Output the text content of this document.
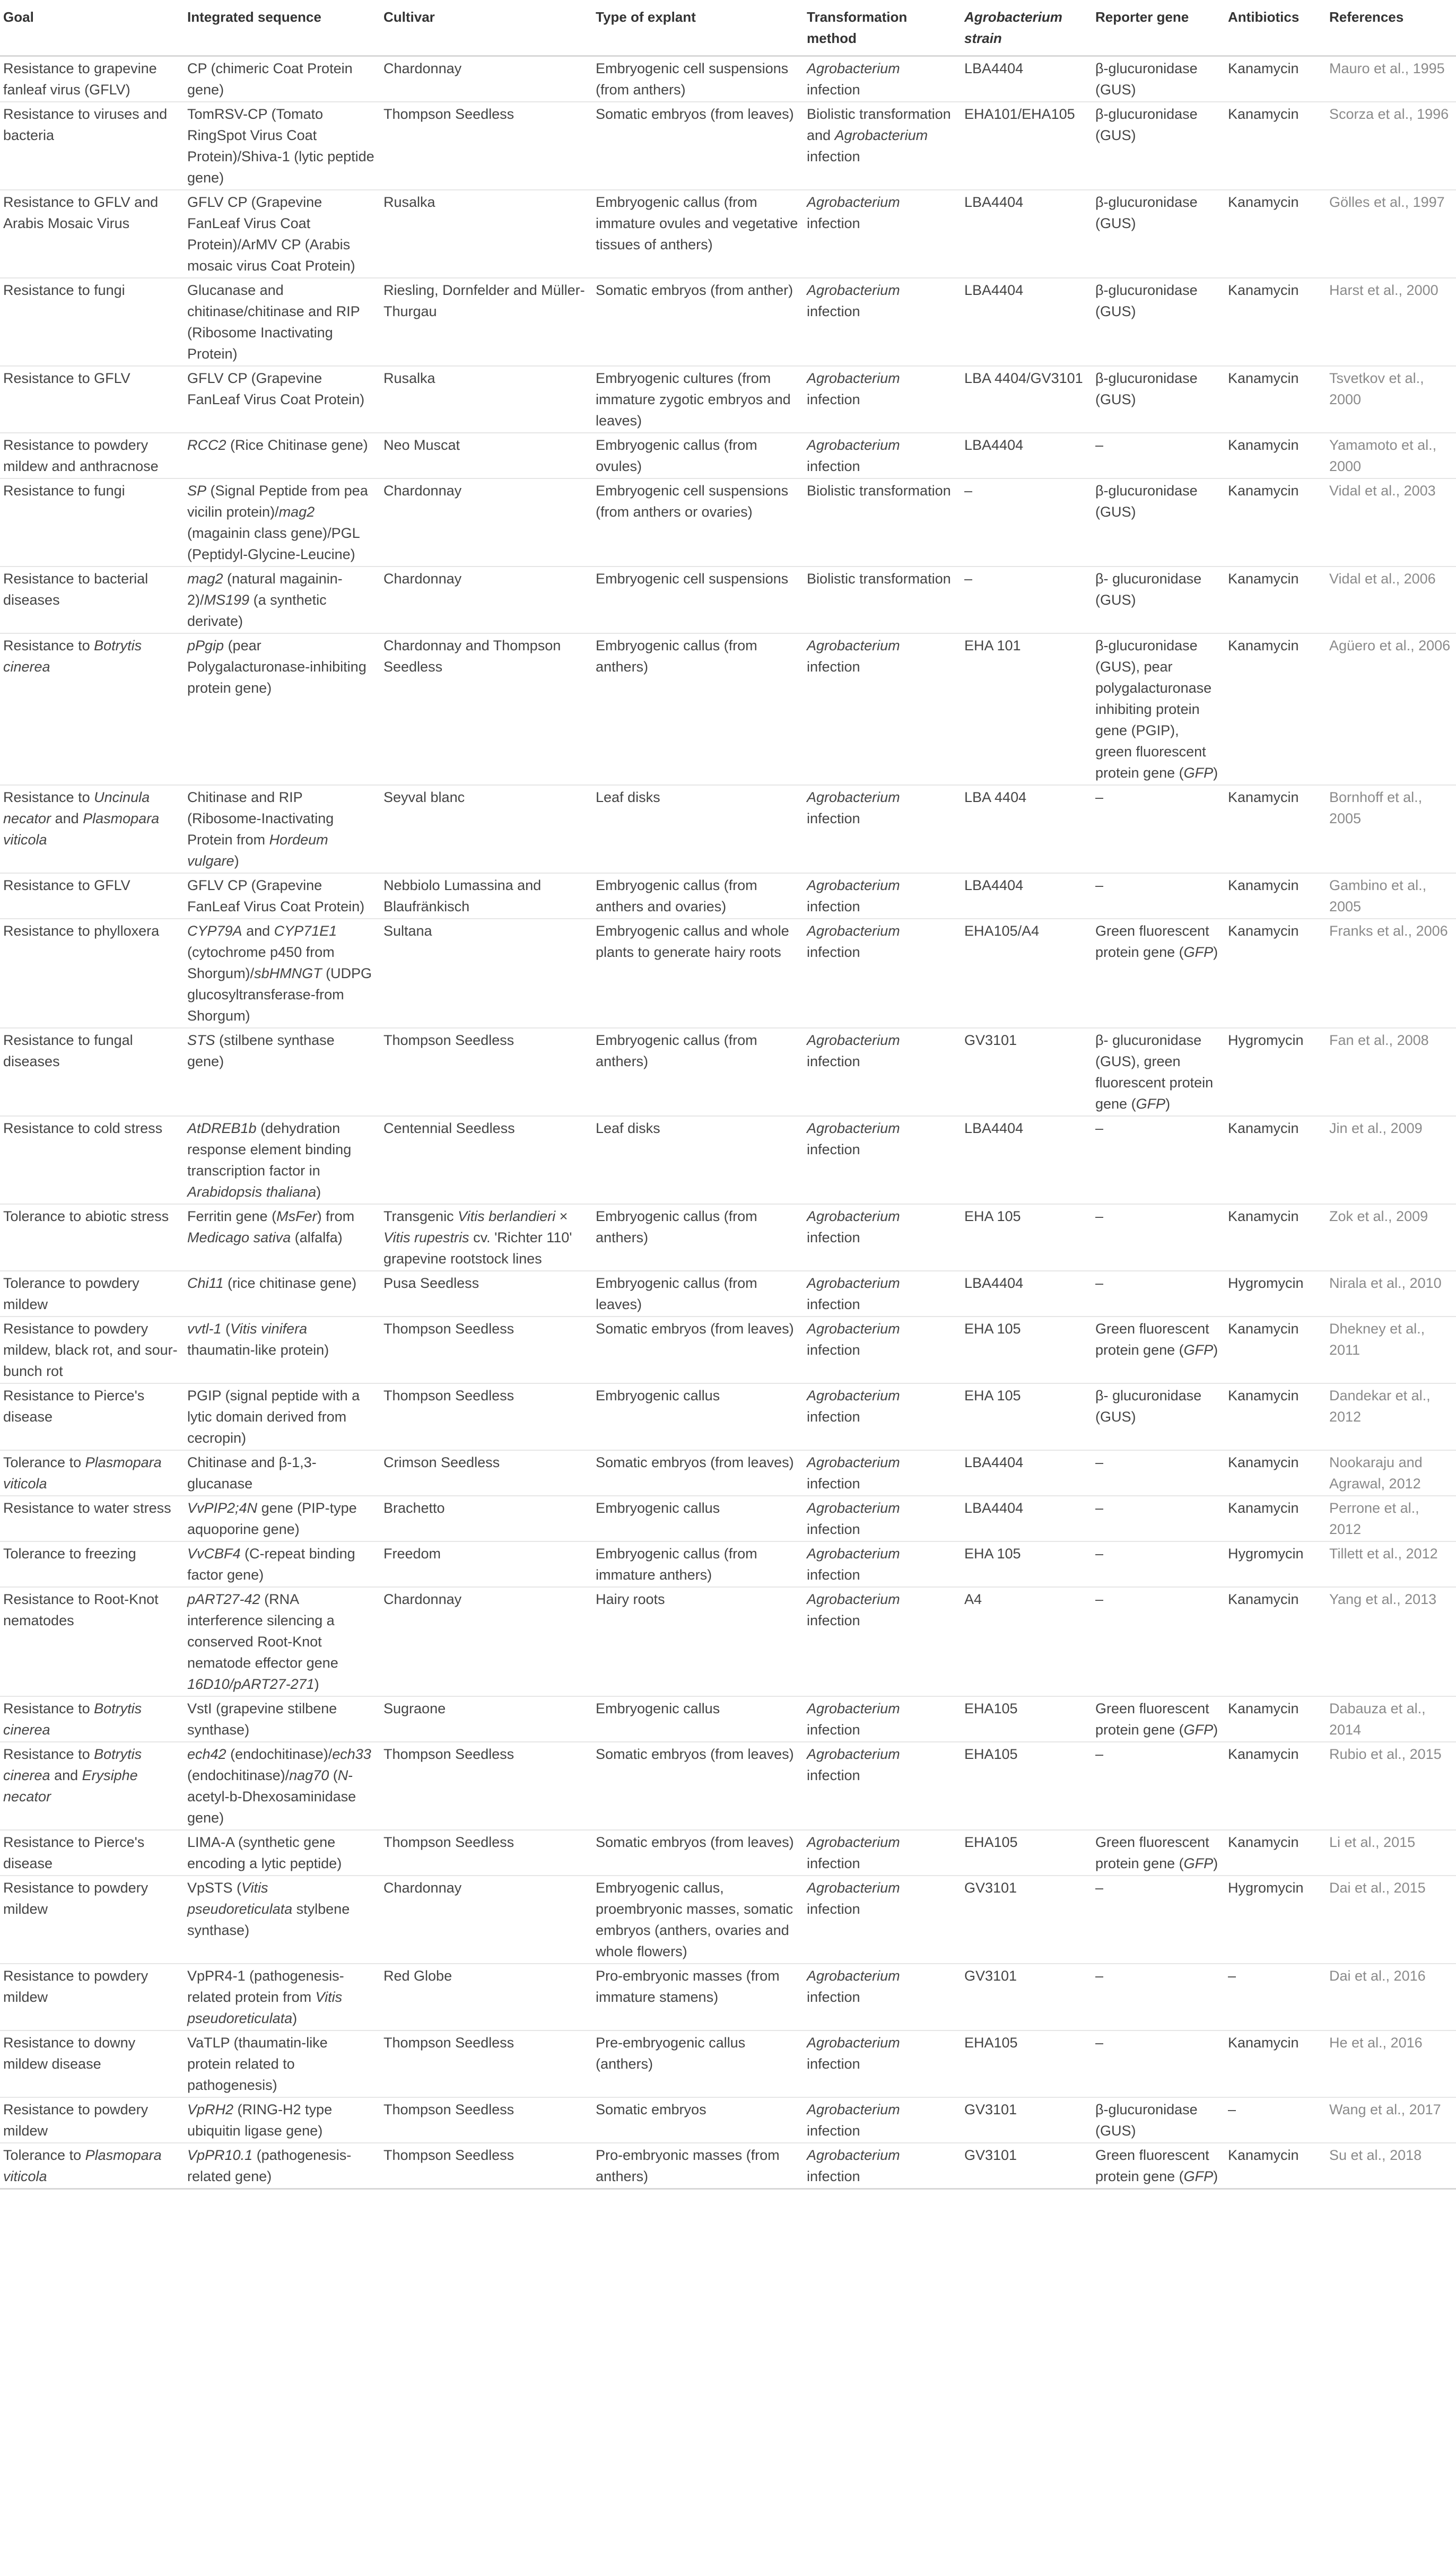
Goal	Integrated sequence	Cultivar	Type of explant	Transformation method	Agrobacterium strain	Reporter gene	Antibiotics	References
Resistance to grapevine fanleaf virus (GFLV)	CP (chimeric Coat Protein gene)	Chardonnay	Embryogenic cell suspensions (from anthers)	Agrobacterium infection	LBA4404	β-glucuronidase (GUS)	Kanamycin	Mauro et al., 1995
Resistance to viruses and bacteria	TomRSV-CP (Tomato RingSpot Virus Coat Protein)/Shiva-1 (lytic peptide gene)	Thompson Seedless	Somatic embryos (from leaves)	Biolistic transformation and Agrobacterium infection	EHA101/EHA105	β-glucuronidase (GUS)	Kanamycin	Scorza et al., 1996
Resistance to GFLV and Arabis Mosaic Virus	GFLV CP (Grapevine FanLeaf Virus Coat Protein)/ArMV CP (Arabis mosaic virus Coat Protein)	Rusalka	Embryogenic callus (from immature ovules and vegetative tissues of anthers)	Agrobacterium infection	LBA4404	β-glucuronidase (GUS)	Kanamycin	Gölles et al., 1997
Resistance to fungi	Glucanase and chitinase/chitinase and RIP (Ribosome Inactivating Protein)	Riesling, Dornfelder and Müller-Thurgau	Somatic embryos (from anther)	Agrobacterium infection	LBA4404	β-glucuronidase (GUS)	Kanamycin	Harst et al., 2000
Resistance to GFLV	GFLV CP (Grapevine FanLeaf Virus Coat Protein)	Rusalka	Embryogenic cultures (from immature zygotic embryos and leaves)	Agrobacterium infection	LBA 4404/GV3101	β-glucuronidase (GUS)	Kanamycin	Tsvetkov et al., 2000
Resistance to powdery mildew and anthracnose	RCC2 (Rice Chitinase gene)	Neo Muscat	Embryogenic callus (from ovules)	Agrobacterium infection	LBA4404	–	Kanamycin	Yamamoto et al., 2000
Resistance to fungi	SP (Signal Peptide from pea vicilin protein)/mag2 (magainin class gene)/PGL (Peptidyl-Glycine-Leucine)	Chardonnay	Embryogenic cell suspensions (from anthers or ovaries)	Biolistic transformation	–	β-glucuronidase (GUS)	Kanamycin	Vidal et al., 2003
Resistance to bacterial diseases	mag2 (natural magainin-2)/MS199 (a synthetic derivate)	Chardonnay	Embryogenic cell suspensions	Biolistic transformation	–	β- glucuronidase (GUS)	Kanamycin	Vidal et al., 2006
Resistance to Botrytis cinerea	pPgip (pear Polygalacturonase-inhibiting protein gene)	Chardonnay and Thompson Seedless	Embryogenic callus (from anthers)	Agrobacterium infection	EHA 101	β-glucuronidase (GUS), pear polygalacturonase inhibiting protein gene (PGIP), green fluorescent protein gene (GFP)	Kanamycin	Agüero et al., 2006
Resistance to Uncinula necator and Plasmopara viticola	Chitinase and RIP (Ribosome-Inactivating Protein from Hordeum vulgare)	Seyval blanc	Leaf disks	Agrobacterium infection	LBA 4404	–	Kanamycin	Bornhoff et al., 2005
Resistance to GFLV	GFLV CP (Grapevine FanLeaf Virus Coat Protein)	Nebbiolo Lumassina and Blaufränkisch	Embryogenic callus (from anthers and ovaries)	Agrobacterium infection	LBA4404	–	Kanamycin	Gambino et al., 2005
Resistance to phylloxera	CYP79A and CYP71E1 (cytochrome p450 from Shorgum)/sbHMNGT (UDPG glucosyltransferase-from Shorgum)	Sultana	Embryogenic callus and whole plants to generate hairy roots	Agrobacterium infection	EHA105/A4	Green fluorescent protein gene (GFP)	Kanamycin	Franks et al., 2006
Resistance to fungal diseases	STS (stilbene synthase gene)	Thompson Seedless	Embryogenic callus (from anthers)	Agrobacterium infection	GV3101	β- glucuronidase (GUS), green fluorescent protein gene (GFP)	Hygromycin	Fan et al., 2008
Resistance to cold stress	AtDREB1b (dehydration response element binding transcription factor in Arabidopsis thaliana)	Centennial Seedless	Leaf disks	Agrobacterium infection	LBA4404	–	Kanamycin	Jin et al., 2009
Tolerance to abiotic stress	Ferritin gene (MsFer) from Medicago sativa (alfalfa)	Transgenic Vitis berlandieri × Vitis rupestris cv. 'Richter 110' grapevine rootstock lines	Embryogenic callus (from anthers)	Agrobacterium infection	EHA 105	–	Kanamycin	Zok et al., 2009
Tolerance to powdery mildew	Chi11 (rice chitinase gene)	Pusa Seedless	Embryogenic callus (from leaves)	Agrobacterium infection	LBA4404	–	Hygromycin	Nirala et al., 2010
Resistance to powdery mildew, black rot, and sour-bunch rot	vvtl-1 (Vitis vinifera thaumatin-like protein)	Thompson Seedless	Somatic embryos (from leaves)	Agrobacterium infection	EHA 105	Green fluorescent protein gene (GFP)	Kanamycin	Dhekney et al., 2011
Resistance to Pierce's disease	PGIP (signal peptide with a lytic domain derived from cecropin)	Thompson Seedless	Embryogenic callus	Agrobacterium infection	EHA 105	β- glucuronidase (GUS)	Kanamycin	Dandekar et al., 2012
Tolerance to Plasmopara viticola	Chitinase and β-1,3-glucanase	Crimson Seedless	Somatic embryos (from leaves)	Agrobacterium infection	LBA4404	–	Kanamycin	Nookaraju and Agrawal, 2012
Resistance to water stress	VvPIP2;4N gene (PIP-type aquoporine gene)	Brachetto	Embryogenic callus	Agrobacterium infection	LBA4404	–	Kanamycin	Perrone et al., 2012
Tolerance to freezing	VvCBF4 (C-repeat binding factor gene)	Freedom	Embryogenic callus (from immature anthers)	Agrobacterium infection	EHA 105	–	Hygromycin	Tillett et al., 2012
Resistance to Root-Knot nematodes	pART27-42 (RNA interference silencing a conserved Root-Knot nematode effector gene 16D10/pART27-271)	Chardonnay	Hairy roots	Agrobacterium infection	A4	–	Kanamycin	Yang et al., 2013
Resistance to Botrytis cinerea	VstI (grapevine stilbene synthase)	Sugraone	Embryogenic callus	Agrobacterium infection	EHA105	Green fluorescent protein gene (GFP)	Kanamycin	Dabauza et al., 2014
Resistance to Botrytis cinerea and Erysiphe necator	ech42 (endochitinase)/ech33 (endochitinase)/nag70 (N-acetyl-b-Dhexosaminidase gene)	Thompson Seedless	Somatic embryos (from leaves)	Agrobacterium infection	EHA105	–	Kanamycin	Rubio et al., 2015
Resistance to Pierce's disease	LIMA-A (synthetic gene encoding a lytic peptide)	Thompson Seedless	Somatic embryos (from leaves)	Agrobacterium infection	EHA105	Green fluorescent protein gene (GFP)	Kanamycin	Li et al., 2015
Resistance to powdery mildew	VpSTS (Vitis pseudoreticulata stylbene synthase)	Chardonnay	Embryogenic callus, proembryonic masses, somatic embryos (anthers, ovaries and whole flowers)	Agrobacterium infection	GV3101	–	Hygromycin	Dai et al., 2015
Resistance to powdery mildew	VpPR4-1 (pathogenesis-related protein from Vitis pseudoreticulata)	Red Globe	Pro-embryonic masses (from immature stamens)	Agrobacterium infection	GV3101	–	–	Dai et al., 2016
Resistance to downy mildew disease	VaTLP (thaumatin-like protein related to pathogenesis)	Thompson Seedless	Pre-embryogenic callus (anthers)	Agrobacterium infection	EHA105	–	Kanamycin	He et al., 2016
Resistance to powdery mildew	VpRH2 (RING-H2 type ubiquitin ligase gene)	Thompson Seedless	Somatic embryos	Agrobacterium infection	GV3101	β-glucuronidase (GUS)	–	Wang et al., 2017
Tolerance to Plasmopara viticola	VpPR10.1 (pathogenesis-related gene)	Thompson Seedless	Pro-embryonic masses (from anthers)	Agrobacterium infection	GV3101	Green fluorescent protein gene (GFP)	Kanamycin	Su et al., 2018
